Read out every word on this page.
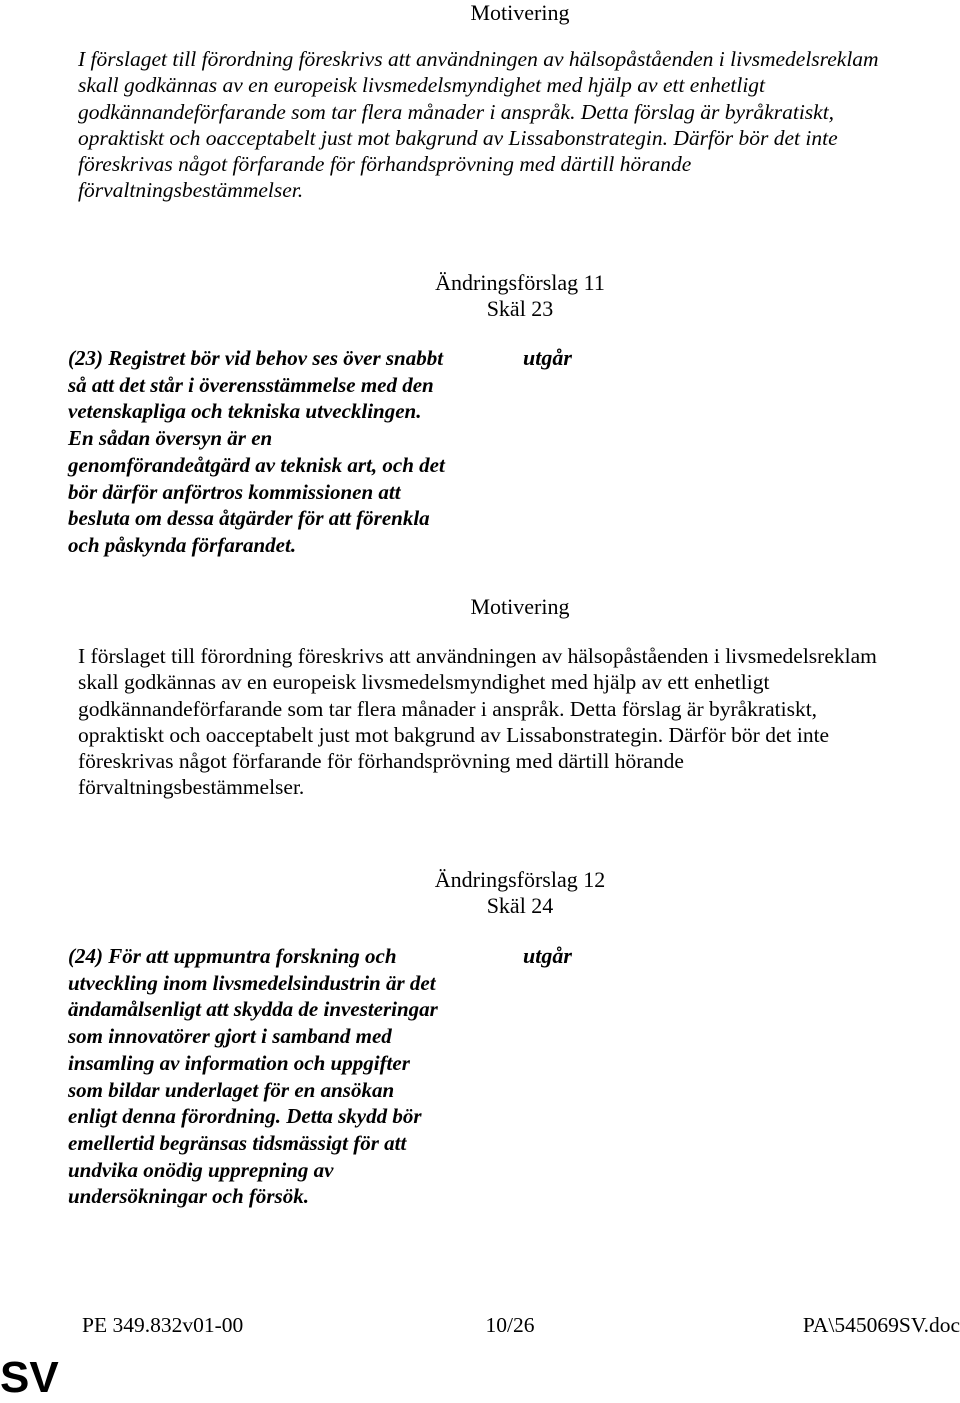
Motivering
I förslaget till förordning föreskrivs att användningen av hälsopåståenden i livsmedelsreklam
skall godkännas av en europeisk livsmedelsmyndighet med hjälp av ett enhetligt
godkännandeförfarande som tar flera månader i anspråk. Detta förslag är byråkratiskt,
opraktiskt och oacceptabelt just mot bakgrund av Lissabonstrategin. Därför bör det inte
föreskrivas något förfarande för förhandsprövning med därtill hörande
förvaltningsbestämmelser.
Ändringsförslag 11
Skäl 23
(23) Registret bör vid behov ses över snabbt
så att det står i överensstämmelse med den
vetenskapliga och tekniska utvecklingen.
En sådan översyn är en
genomförandeåtgärd av teknisk art, och det
bör därför anförtros kommissionen att
besluta om dessa åtgärder för att förenkla
och påskynda förfarandet.
utgår
Motivering
I förslaget till förordning föreskrivs att användningen av hälsopåståenden i livsmedelsreklam
skall godkännas av en europeisk livsmedelsmyndighet med hjälp av ett enhetligt
godkännandeförfarande som tar flera månader i anspråk. Detta förslag är byråkratiskt,
opraktiskt och oacceptabelt just mot bakgrund av Lissabonstrategin. Därför bör det inte
föreskrivas något förfarande för förhandsprövning med därtill hörande
förvaltningsbestämmelser.
Ändringsförslag 12
Skäl 24
(24) För att uppmuntra forskning och
utveckling inom livsmedelsindustrin är det
ändamålsenligt att skydda de investeringar
som innovatörer gjort i samband med
insamling av information och uppgifter
som bildar underlaget för en ansökan
enligt denna förordning. Detta skydd bör
emellertid begränsas tidsmässigt för att
undvika onödig upprepning av
undersökningar och försök.
utgår
PE 349.832v01-00	10/26	PA\545069SV.doc
SV
